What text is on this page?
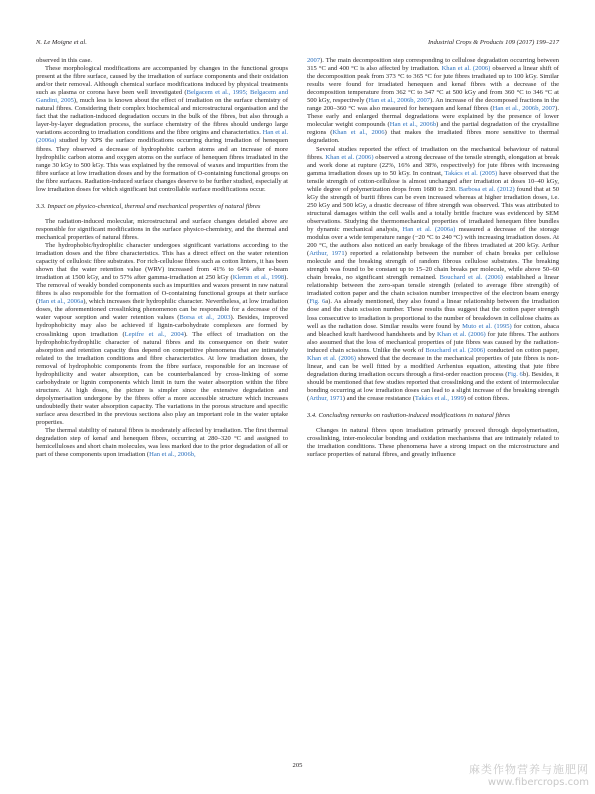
N. Le Moigne et al.	Industrial Crops & Products 109 (2017) 199–217

observed in this case.

These morphological modifications are accompanied by changes in the functional groups present at the fibre surface, caused by the irradiation of surface components and their oxidation and/or their removal. Although chemical surface modifications induced by physical treatments such as plasma or corona have been well investigated (Belgacem et al., 1995; Belgacem and Gandini, 2005), much less is known about the effect of irradiation on the surface chemistry of natural fibres. Considering their complex biochemical and microstructural organisation and the fact that the radiation-induced degradation occurs in the bulk of the fibres, but also through a layer-by-layer degradation process, the surface chemistry of the fibres should undergo large variations according to irradiation conditions and the fibre origins and characteristics. Han et al. (2006a) studied by XPS the surface modifications occurring during irradiation of henequen fibres. They observed a decrease of hydrophobic carbon atoms and an increase of more hydrophilic carbon atoms and oxygen atoms on the surface of henequen fibres irradiated in the range 30 kGy to 500 kGy. This was explained by the removal of waxes and impurities from the fibre surface at low irradiation doses and by the formation of O-containing functional groups on the fibre surfaces. Radiation-induced surface changes deserve to be further studied, especially at low irradiation doses for which significant but controllable surface modifications occur.

3.3. Impact on physico-chemical, thermal and mechanical properties of natural fibres

The radiation-induced molecular, microstructural and surface changes detailed above are responsible for significant modifications in the surface physico-chemistry, and the thermal and mechanical properties of natural fibres.

The hydrophobic/hydrophilic character undergoes significant variations according to the irradiation doses and the fibre characteristics. This has a direct effect on the water retention capacity of cellulosic fibre substrates. For rich-cellulose fibres such as cotton linters, it has been shown that the water retention value (WRV) increased from 41% to 64% after e-beam irradiation at 1500 kGy, and to 57% after gamma-irradiation at 250 kGy (Klemm et al., 1998). The removal of weakly bonded components such as impurities and waxes present in raw natural fibres is also responsible for the formation of O-containing functional groups at their surface (Han et al., 2006a), which increases their hydrophilic character. Nevertheless, at low irradiation doses, the aforementioned crosslinking phenomenon can be responsible for a decrease of the water vapour sorption and water retention values (Borsa et al., 2003). Besides, improved hydrophobicity may also be achieved if lignin-carbohydrate complexes are formed by crosslinking upon irradiation (Lepifre et al., 2004). The effect of irradiation on the hydrophobic/hydrophilic character of natural fibres and its consequence on their water absorption and retention capacity thus depend on competitive phenomena that are intimately related to the irradiation conditions and fibre characteristics. At low irradiation doses, the removal of hydrophobic components from the fibre surface, responsible for an increase of hydrophilicity and water absorption, can be counterbalanced by cross-linking of some carbohydrate or lignin components which limit in turn the water absorption within the fibre structure. At high doses, the picture is simpler since the extensive degradation and depolymerisation undergone by the fibres offer a more accessible structure which increases undoubtedly their water absorption capacity. The variations in the porous structure and specific surface area described in the previous sections also play an important role in the water uptake properties.

The thermal stability of natural fibres is moderately affected by irradiation. The first thermal degradation step of kenaf and henequen fibres, occurring at 280–320 °C and assigned to hemicelluloses and short chain molecules, was less marked due to the prior degradation of all or part of these components upon irradiation (Han et al., 2006b,

2007). The main decomposition step corresponding to cellulose degradation occurring between 315 °C and 400 °C is also affected by irradiation. Khan et al. (2006) observed a linear shift of the decomposition peak from 373 °C to 365 °C for jute fibres irradiated up to 100 kGy. Similar results were found for irradiated henequen and kenaf fibres with a decrease of the decomposition temperature from 362 °C to 347 °C at 500 kGy and from 360 °C to 346 °C at 500 kGy, respectively (Han et al., 2006b, 2007). An increase of the decomposed fractions in the range 200–360 °C was also measured for henequen and kenaf fibres (Han et al., 2006b, 2007). These early and enlarged thermal degradations were explained by the presence of lower molecular weight compounds (Han et al., 2006b) and the partial degradation of the crystalline regions (Khan et al., 2006) that makes the irradiated fibres more sensitive to thermal degradation.

Several studies reported the effect of irradiation on the mechanical behaviour of natural fibres. Khan et al. (2006) observed a strong decrease of the tensile strength, elongation at break and work done at rupture (22%, 16% and 38%, respectively) for jute fibres with increasing gamma irradiation doses up to 50 kGy. In contrast, Takács et al. (2005) have observed that the tensile strength of cotton-cellulose is almost unchanged after irradiation at doses 10–40 kGy, while degree of polymerization drops from 1680 to 230. Barbosa et al. (2012) found that at 50 kGy the strength of buriti fibres can be even increased whereas at higher irradiation doses, i.e. 250 kGy and 500 kGy, a drastic decrease of fibre strength was observed. This was attributed to structural damages within the cell walls and a totally brittle fracture was evidenced by SEM observations. Studying the thermomechanical properties of irradiated henequen fibre bundles by dynamic mechanical analysis, Han et al. (2006a) measured a decrease of the storage modulus over a wide temperature range (−20 °C to 240 °C) with increasing irradiation doses. At 200 °C, the authors also noticed an early breakage of the fibres irradiated at 200 kGy. Arthur (Arthur, 1971) reported a relationship between the number of chain breaks per cellulose molecule and the breaking strength of random fibrous cellulose substrates. The breaking strength was found to be constant up to 15–20 chain breaks per molecule, while above 50–60 chain breaks, no significant strength remained. Bouchard et al. (2006) established a linear relationship between the zero-span tensile strength (related to average fibre strength) of irradiated cotton paper and the chain scission number irrespective of the electron beam energy (Fig. 6a). As already mentioned, they also found a linear relationship between the irradiation dose and the chain scission number. These results thus suggest that the cotton paper strength loss consecutive to irradiation is proportional to the number of breakdown in cellulose chains as well as the radiation dose. Similar results were found by Muto et al. (1995) for cotton, abaca and bleached kraft hardwood handsheets and by Khan et al. (2006) for jute fibres. The authors also assumed that the loss of mechanical properties of jute fibres was caused by the radiation-induced chain scissions. Unlike the work of Bouchard et al. (2006) conducted on cotton paper, Khan et al. (2006) showed that the decrease in the mechanical properties of jute fibres is non-linear, and can be well fitted by a modified Arrhenius equation, attesting that jute fibre degradation during irradiation occurs through a first-order reaction process (Fig. 6b). Besides, it should be mentioned that few studies reported that crosslinking and the extent of intermolecular bonding occurring at low irradiation doses can lead to a slight increase of the breaking strength (Arthur, 1971) and the crease resistance (Takács et al., 1999) of cotton fibres.

3.4. Concluding remarks on radiation-induced modifications in natural fibres

Changes in natural fibres upon irradiation primarily proceed through depolymerisation, crosslinking, inter-molecular bonding and oxidation mechanisms that are intimately related to the irradiation conditions. These phenomena have a strong impact on the microstructure and surface properties of natural fibres, and greatly influence

205	麻类作物营养与施肥网
www.fibercrops.com
